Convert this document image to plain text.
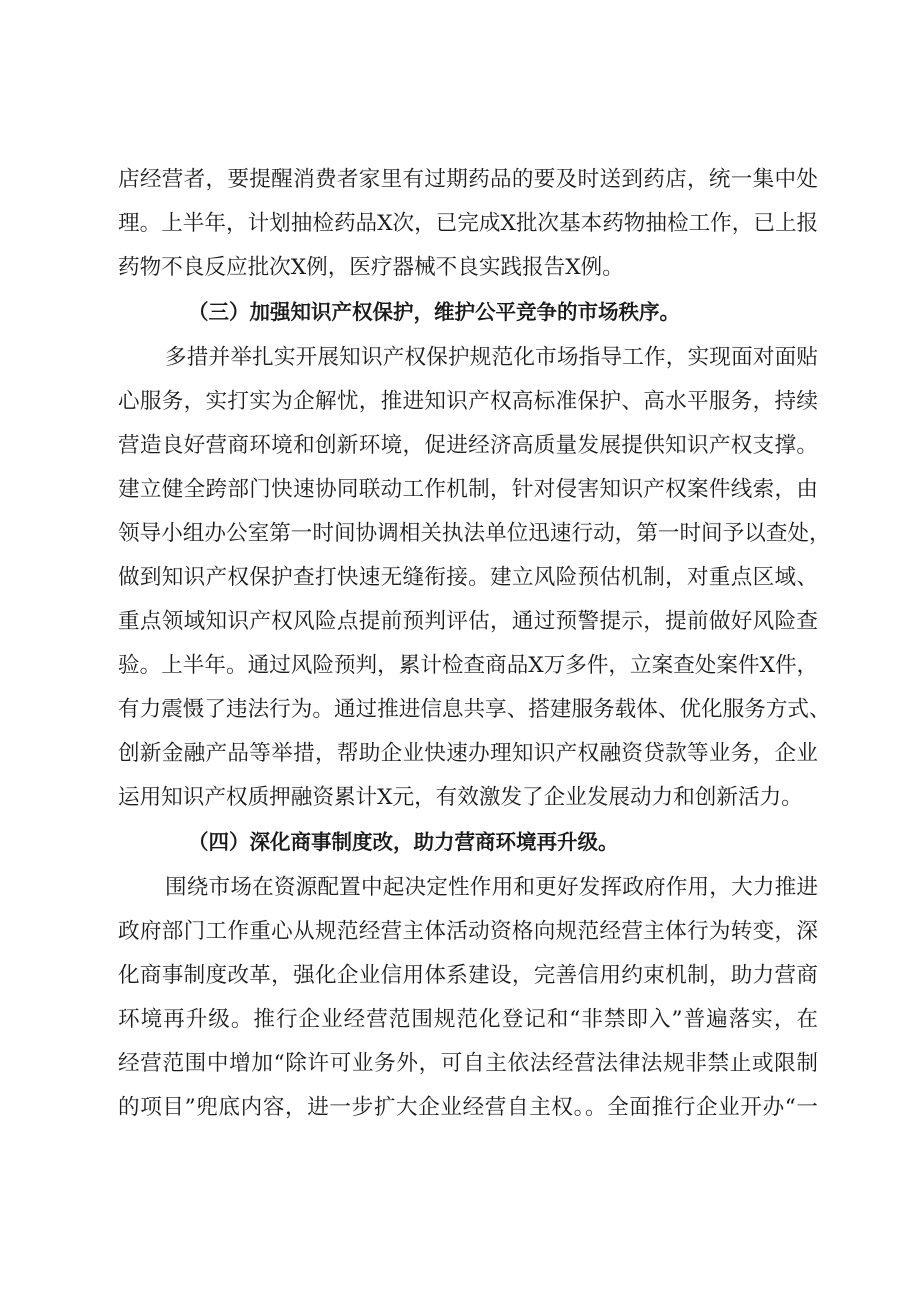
店经营者，要提醒消费者家里有过期药品的要及时送到药店，统一集中处
理。上半年，计划抽检药品X次，已完成X批次基本药物抽检工作，已上报
药物不良反应批次X例，医疗器械不良实践报告X例。
（三）加强知识产权保护，维护公平竞争的市场秩序。
多措并举扎实开展知识产权保护规范化市场指导工作，实现面对面贴
心服务，实打实为企解忧，推进知识产权高标准保护、高水平服务，持续
营造良好营商环境和创新环境，促进经济高质量发展提供知识产权支撑。
建立健全跨部门快速协同联动工作机制，针对侵害知识产权案件线索，由
领导小组办公室第一时间协调相关执法单位迅速行动，第一时间予以查处，
做到知识产权保护查打快速无缝衔接。建立风险预估机制，对重点区域、
重点领域知识产权风险点提前预判评估，通过预警提示，提前做好风险查
验。上半年。通过风险预判，累计检查商品X万多件，立案查处案件X件，
有力震慑了违法行为。通过推进信息共享、搭建服务载体、优化服务方式、
创新金融产品等举措，帮助企业快速办理知识产权融资贷款等业务，企业
运用知识产权质押融资累计X元，有效激发了企业发展动力和创新活力。
（四）深化商事制度改，助力营商环境再升级。
围绕市场在资源配置中起决定性作用和更好发挥政府作用，大力推进
政府部门工作重心从规范经营主体活动资格向规范经营主体行为转变，深
化商事制度改革，强化企业信用体系建设，完善信用约束机制，助力营商
环境再升级。推行企业经营范围规范化登记和“非禁即入”普遍落实，在
经营范围中增加“除许可业务外，可自主依法经营法律法规非禁止或限制
的项目”兜底内容，进一步扩大企业经营自主权。。全面推行企业开办“一
